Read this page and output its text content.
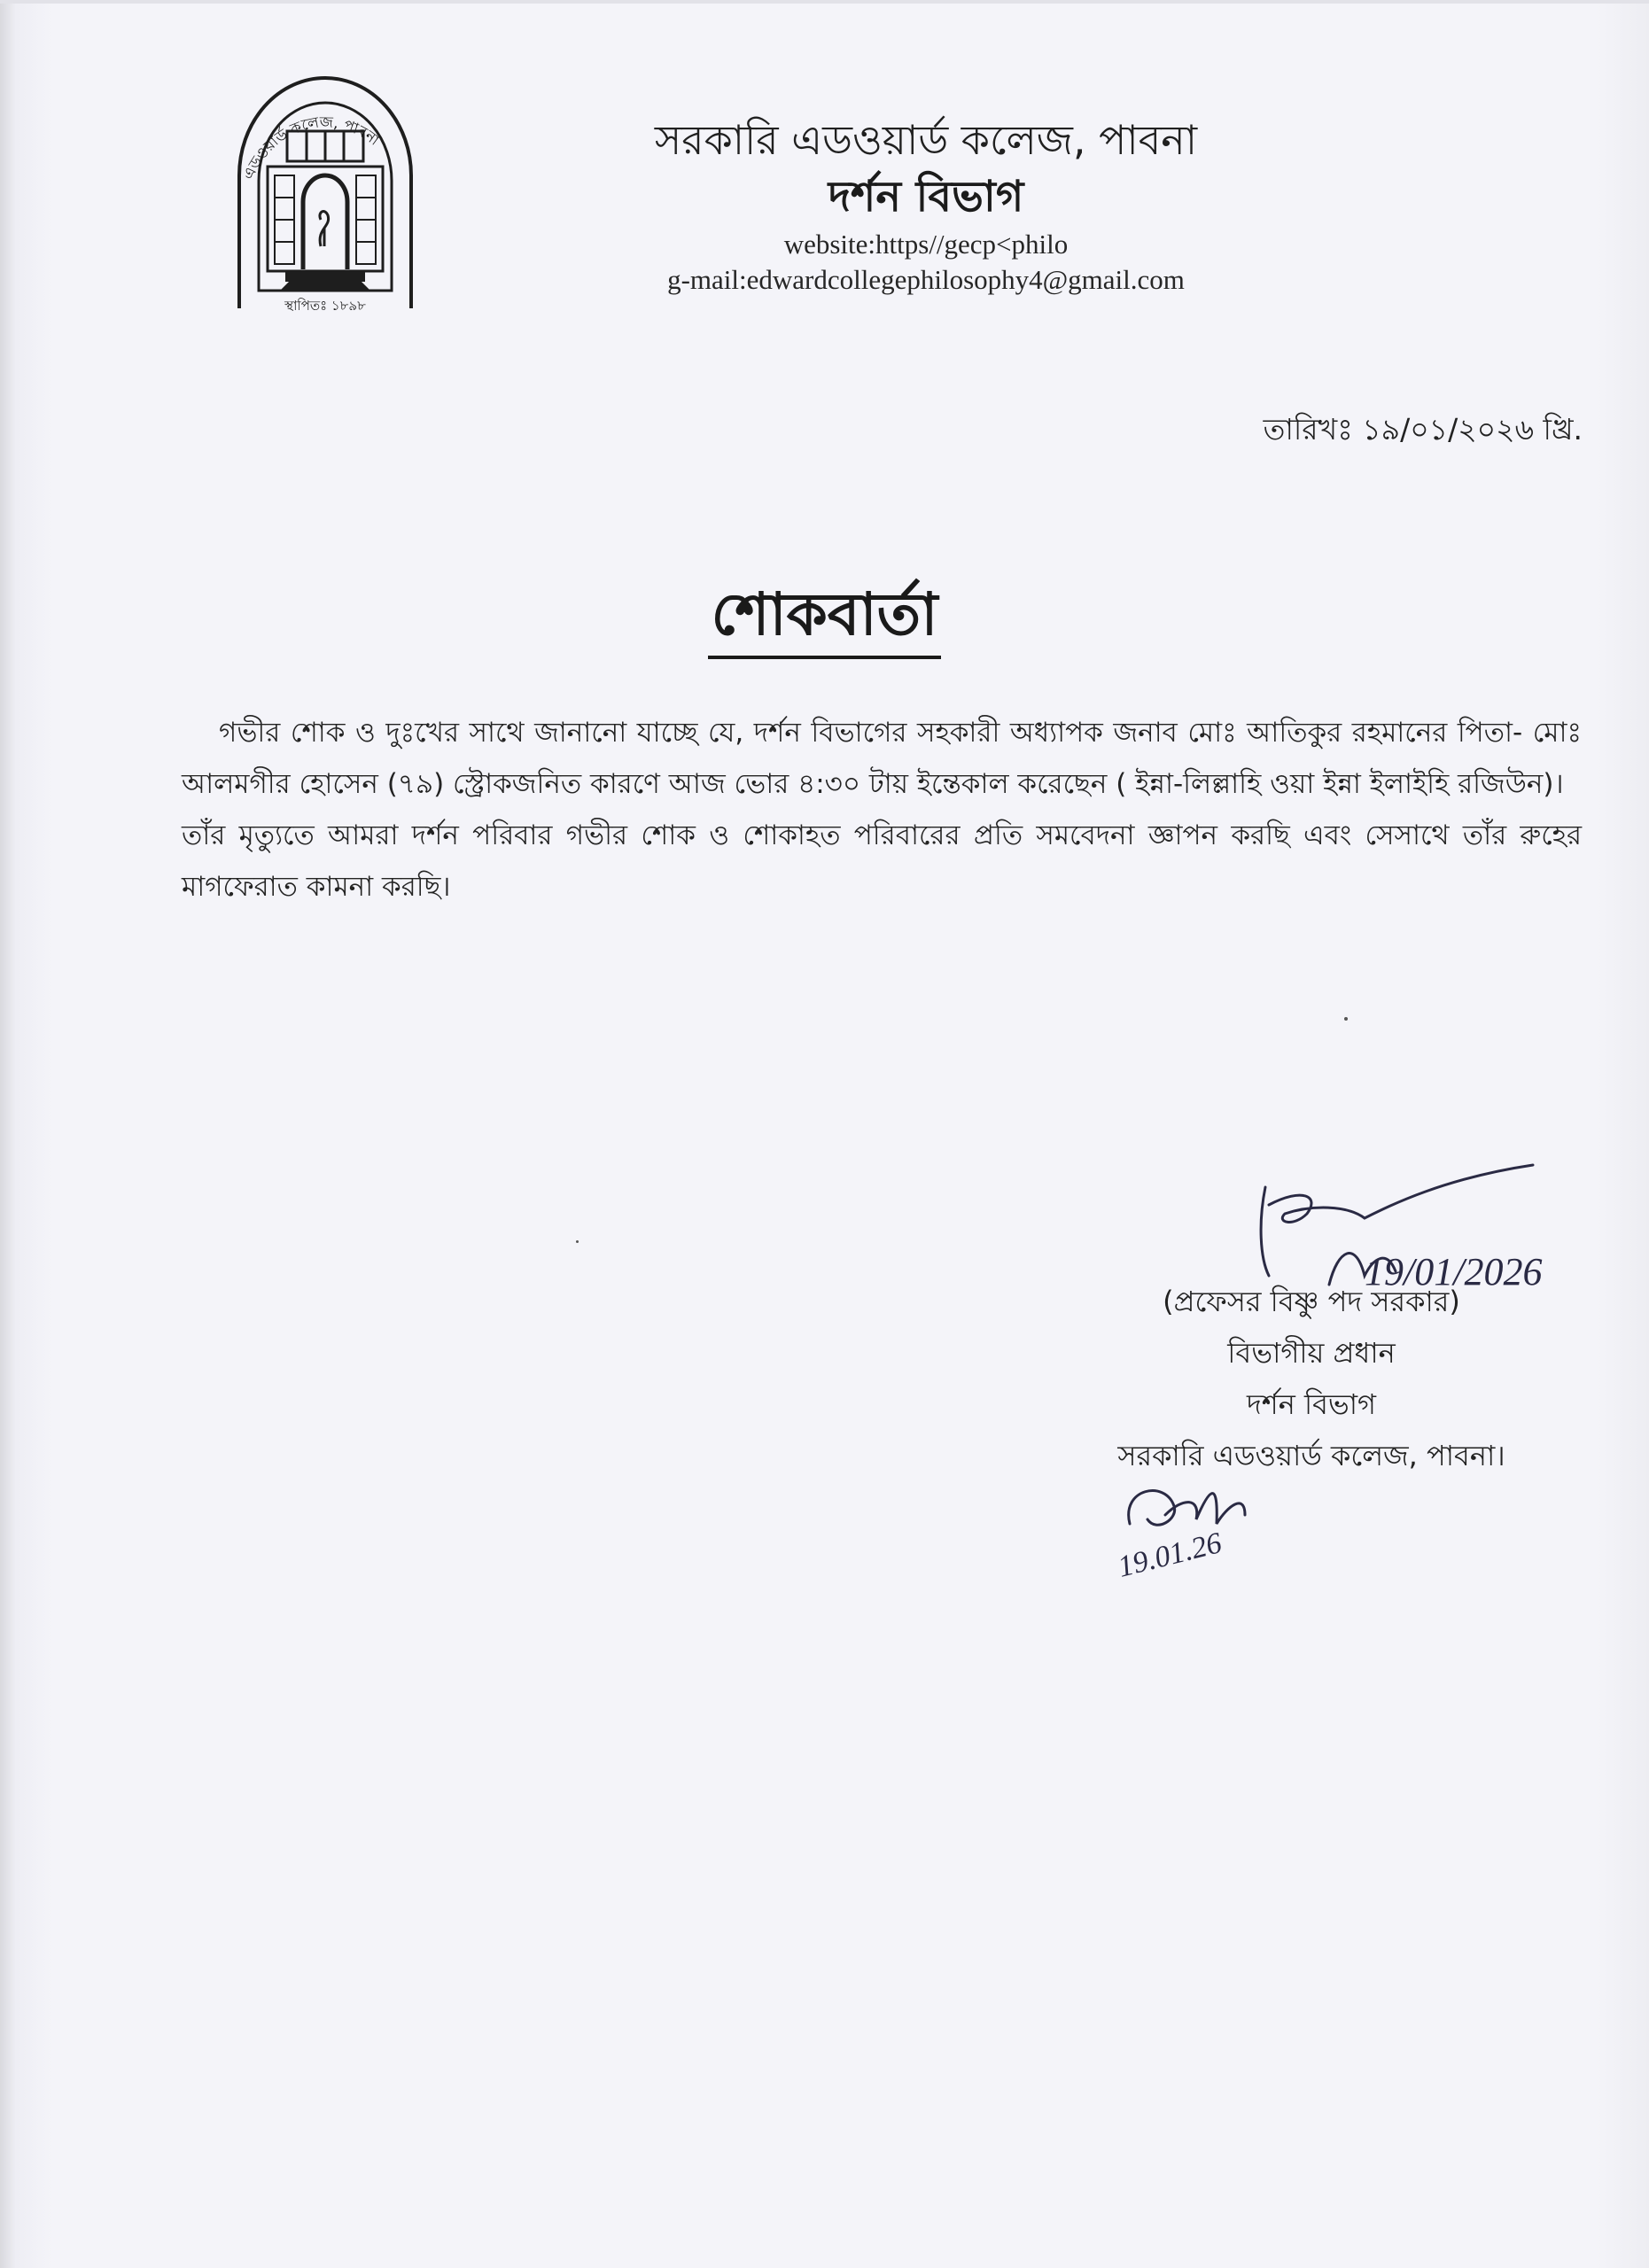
এডওয়ার্ড কলেজ, পাবনা
স্থাপিতঃ ১৮৯৮

সরকারি এডওয়ার্ড কলেজ, পাবনা

দর্শন বিভাগ

website:https//gecp<philo

g-mail:edwardcollegephilosophy4@gmail.com

তারিখঃ ১৯/০১/২০২৬ খ্রি.
শোকবার্তা

গভীর শোক ও দুঃখের সাথে জানানো যাচ্ছে যে, দর্শন বিভাগের সহকারী অধ্যাপক জনাব মোঃ আতিকুর রহমানের পিতা- মোঃ আলমগীর হোসেন (৭৯) স্ট্রোকজনিত কারণে আজ ভোর ৪:৩০ টায় ইন্তেকাল করেছেন ( ইন্না-লিল্লাহি ওয়া ইন্না ইলাইহি রজিউন)।

তাঁর মৃত্যুতে আমরা দর্শন পরিবার গভীর শোক ও শোকাহত পরিবারের প্রতি সমবেদনা জ্ঞাপন করছি এবং সেসাথে তাঁর রুহের মাগফেরাত কামনা করছি।

19/01/2026

(প্রফেসর বিষ্ণু পদ সরকার)

বিভাগীয় প্রধান

দর্শন বিভাগ

সরকারি এডওয়ার্ড কলেজ, পাবনা।

19.01.26
